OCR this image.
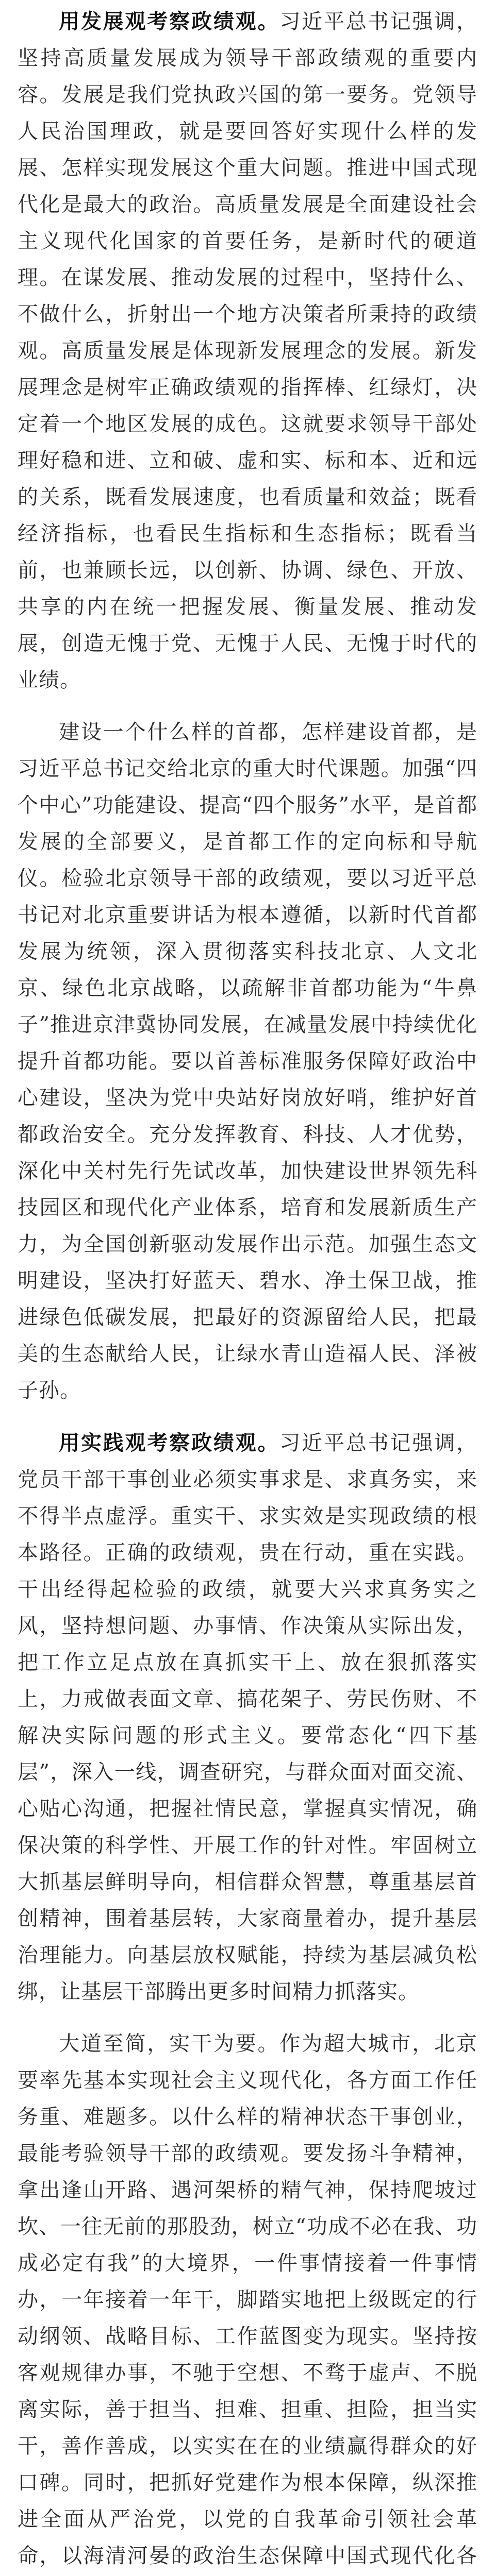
用发展观考察政绩观。习近平总书记强调，坚持高质量发展成为领导干部政绩观的重要内容。发展是我们党执政兴国的第一要务。党领导人民治国理政，就是要回答好实现什么样的发展、怎样实现发展这个重大问题。推进中国式现代化是最大的政治。高质量发展是全面建设社会主义现代化国家的首要任务，是新时代的硬道理。在谋发展、推动发展的过程中，坚持什么、不做什么，折射出一个地方决策者所秉持的政绩观。高质量发展是体现新发展理念的发展。新发展理念是树牢正确政绩观的指挥棒、红绿灯，决定着一个地区发展的成色。这就要求领导干部处理好稳和进、立和破、虚和实、标和本、近和远的关系，既看发展速度，也看质量和效益；既看经济指标，也看民生指标和生态指标；既看当前，也兼顾长远，以创新、协调、绿色、开放、共享的内在统一把握发展、衡量发展、推动发展，创造无愧于党、无愧于人民、无愧于时代的业绩。

建设一个什么样的首都，怎样建设首都，是习近平总书记交给北京的重大时代课题。加强“四个中心”功能建设、提高“四个服务”水平，是首都发展的全部要义，是首都工作的定向标和导航仪。检验北京领导干部的政绩观，要以习近平总书记对北京重要讲话为根本遵循，以新时代首都发展为统领，深入贯彻落实科技北京、人文北京、绿色北京战略，以疏解非首都功能为“牛鼻子”推进京津冀协同发展，在减量发展中持续优化提升首都功能。要以首善标准服务保障好政治中心建设，坚决为党中央站好岗放好哨，维护好首都政治安全。充分发挥教育、科技、人才优势，深化中关村先行先试改革，加快建设世界领先科技园区和现代化产业体系，培育和发展新质生产力，为全国创新驱动发展作出示范。加强生态文明建设，坚决打好蓝天、碧水、净土保卫战，推进绿色低碳发展，把最好的资源留给人民，把最美的生态献给人民，让绿水青山造福人民、泽被子孙。

用实践观考察政绩观。习近平总书记强调，党员干部干事创业必须实事求是、求真务实，来不得半点虚浮。重实干、求实效是实现政绩的根本路径。正确的政绩观，贵在行动，重在实践。干出经得起检验的政绩，就要大兴求真务实之风，坚持想问题、办事情、作决策从实际出发，把工作立足点放在真抓实干上、放在狠抓落实上，力戒做表面文章、搞花架子、劳民伤财、不解决实际问题的形式主义。要常态化“四下基层”，深入一线，调查研究，与群众面对面交流、心贴心沟通，把握社情民意，掌握真实情况，确保决策的科学性、开展工作的针对性。牢固树立大抓基层鲜明导向，相信群众智慧，尊重基层首创精神，围着基层转，大家商量着办，提升基层治理能力。向基层放权赋能，持续为基层减负松绑，让基层干部腾出更多时间精力抓落实。

大道至简，实干为要。作为超大城市，北京要率先基本实现社会主义现代化，各方面工作任务重、难题多。以什么样的精神状态干事创业，最能考验领导干部的政绩观。要发扬斗争精神，拿出逢山开路、遇河架桥的精气神，保持爬坡过坎、一往无前的那股劲，树立“功成不必在我、功成必定有我”的大境界，一件事情接着一件事情办，一年接着一年干，脚踏实地把上级既定的行动纲领、战略目标、工作蓝图变为现实。坚持按客观规律办事，不驰于空想、不骛于虚声、不脱离实际，善于担当、担难、担重、担险，担当实干，善作善成，以实实在在的业绩赢得群众的好口碑。同时，把抓好党建作为根本保障，纵深推进全面从严治党，以党的自我革命引领社会革命，以海清河晏的政治生态保障中国式现代化各
